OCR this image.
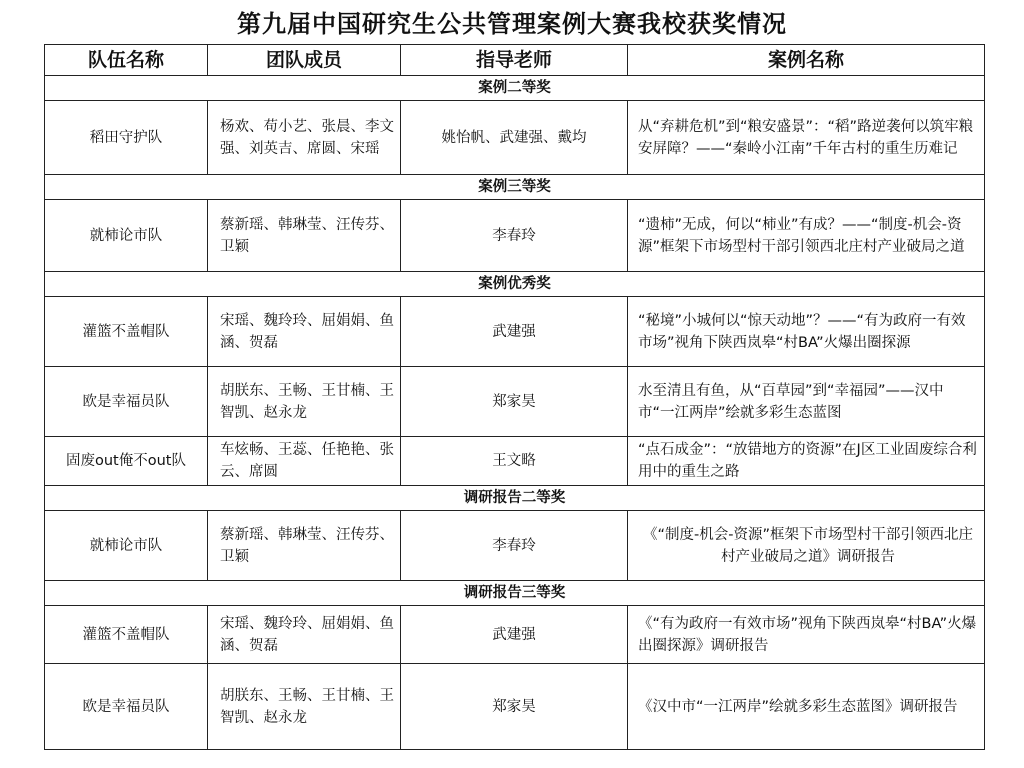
第九届中国研究生公共管理案例大赛我校获奖情况
队伍名称	团队成员	指导老师	案例名称
案例二等奖			
稻田守护队	杨欢、苟小艺、张晨、李文强、刘英吉、席圆、宋瑶	姚怡帆、武建强、戴均	从“弃耕危机”到“粮安盛景”：“稻”路逆袭何以筑牢粮安屏障？——“秦岭小江南”千年古村的重生历难记
案例三等奖			
就柿论市队	蔡新瑶、韩琳莹、汪传芬、卫颖	李春玲	“遗柿”无成，何以“柿业”有成？——“制度-机会-资源”框架下市场型村干部引领西北庄村产业破局之道
案例优秀奖			
灌篮不盖帽队	宋瑶、魏玲玲、屈娟娟、鱼涵、贺磊	武建强	“秘境”小城何以“惊天动地”？——“有为政府一有效市场”视角下陕西岚皋“村BA”火爆出圈探源
欧是幸福员队	胡朕东、王畅、王甘楠、王智凯、赵永龙	郑家昊	水至清且有鱼，从“百草园”到“幸福园”——汉中市“一江两岸”绘就多彩生态蓝图
固废out俺不out队	车炫畅、王蕊、任艳艳、张云、席圆	王文略	“点石成金”：“放错地方的资源”在J区工业固废综合利用中的重生之路
调研报告二等奖			
就柿论市队	蔡新瑶、韩琳莹、汪传芬、卫颖	李春玲	《“制度-机会-资源”框架下市场型村干部引领西北庄村产业破局之道》调研报告
调研报告三等奖			
灌篮不盖帽队	宋瑶、魏玲玲、屈娟娟、鱼涵、贺磊	武建强	《“有为政府一有效市场”视角下陕西岚皋“村BA”火爆出圈探源》调研报告
欧是幸福员队	胡朕东、王畅、王甘楠、王智凯、赵永龙	郑家昊	《汉中市“一江两岸”绘就多彩生态蓝图》调研报告
